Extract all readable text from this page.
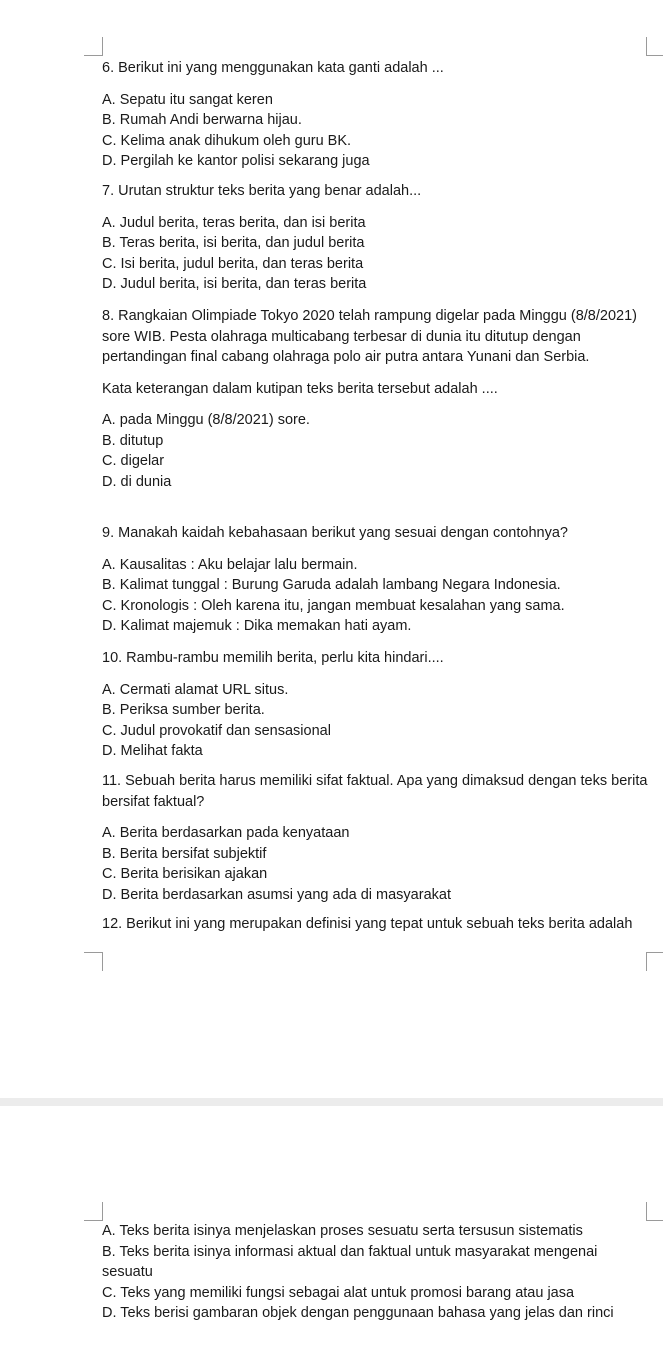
6. Berikut ini yang menggunakan kata ganti adalah ...

A. Sepatu itu sangat keren
B. Rumah Andi berwarna hijau.
C. Kelima anak dihukum oleh guru BK.
D. Pergilah ke kantor polisi sekarang juga

7. Urutan struktur teks berita yang benar adalah...

A. Judul berita, teras berita, dan isi berita
B. Teras berita, isi berita, dan judul berita
C. Isi berita, judul berita, dan teras berita
D. Judul berita, isi berita, dan teras berita

8. Rangkaian Olimpiade Tokyo 2020 telah rampung digelar pada Minggu (8/8/2021) sore WIB. Pesta olahraga multicabang terbesar di dunia itu ditutup dengan pertandingan final cabang olahraga polo air putra antara Yunani dan Serbia.

Kata keterangan dalam kutipan teks berita tersebut adalah ....

A. pada Minggu (8/8/2021) sore.
B. ditutup
C. digelar
D. di dunia

9. Manakah kaidah kebahasaan berikut yang sesuai dengan contohnya?

A. Kausalitas : Aku belajar lalu bermain.
B. Kalimat tunggal : Burung Garuda adalah lambang Negara Indonesia.
C. Kronologis : Oleh karena itu, jangan membuat kesalahan yang sama.
D. Kalimat majemuk : Dika memakan hati ayam.

10. Rambu-rambu memilih berita, perlu kita hindari....

A. Cermati alamat URL situs.
B. Periksa sumber berita.
C. Judul provokatif dan sensasional
D. Melihat fakta

11. Sebuah berita harus memiliki sifat faktual. Apa yang dimaksud dengan teks berita bersifat faktual?

A. Berita berdasarkan pada kenyataan
B. Berita bersifat subjektif
C. Berita berisikan ajakan
D. Berita berdasarkan asumsi yang ada di masyarakat

12. Berikut ini yang merupakan definisi yang tepat untuk sebuah teks berita adalah

A. Teks berita isinya menjelaskan proses sesuatu serta tersusun sistematis
B. Teks berita isinya informasi aktual dan faktual untuk masyarakat mengenai sesuatu
C. Teks yang memiliki fungsi sebagai alat untuk promosi barang atau jasa
D. Teks berisi gambaran objek dengan penggunaan bahasa yang jelas dan rinci
